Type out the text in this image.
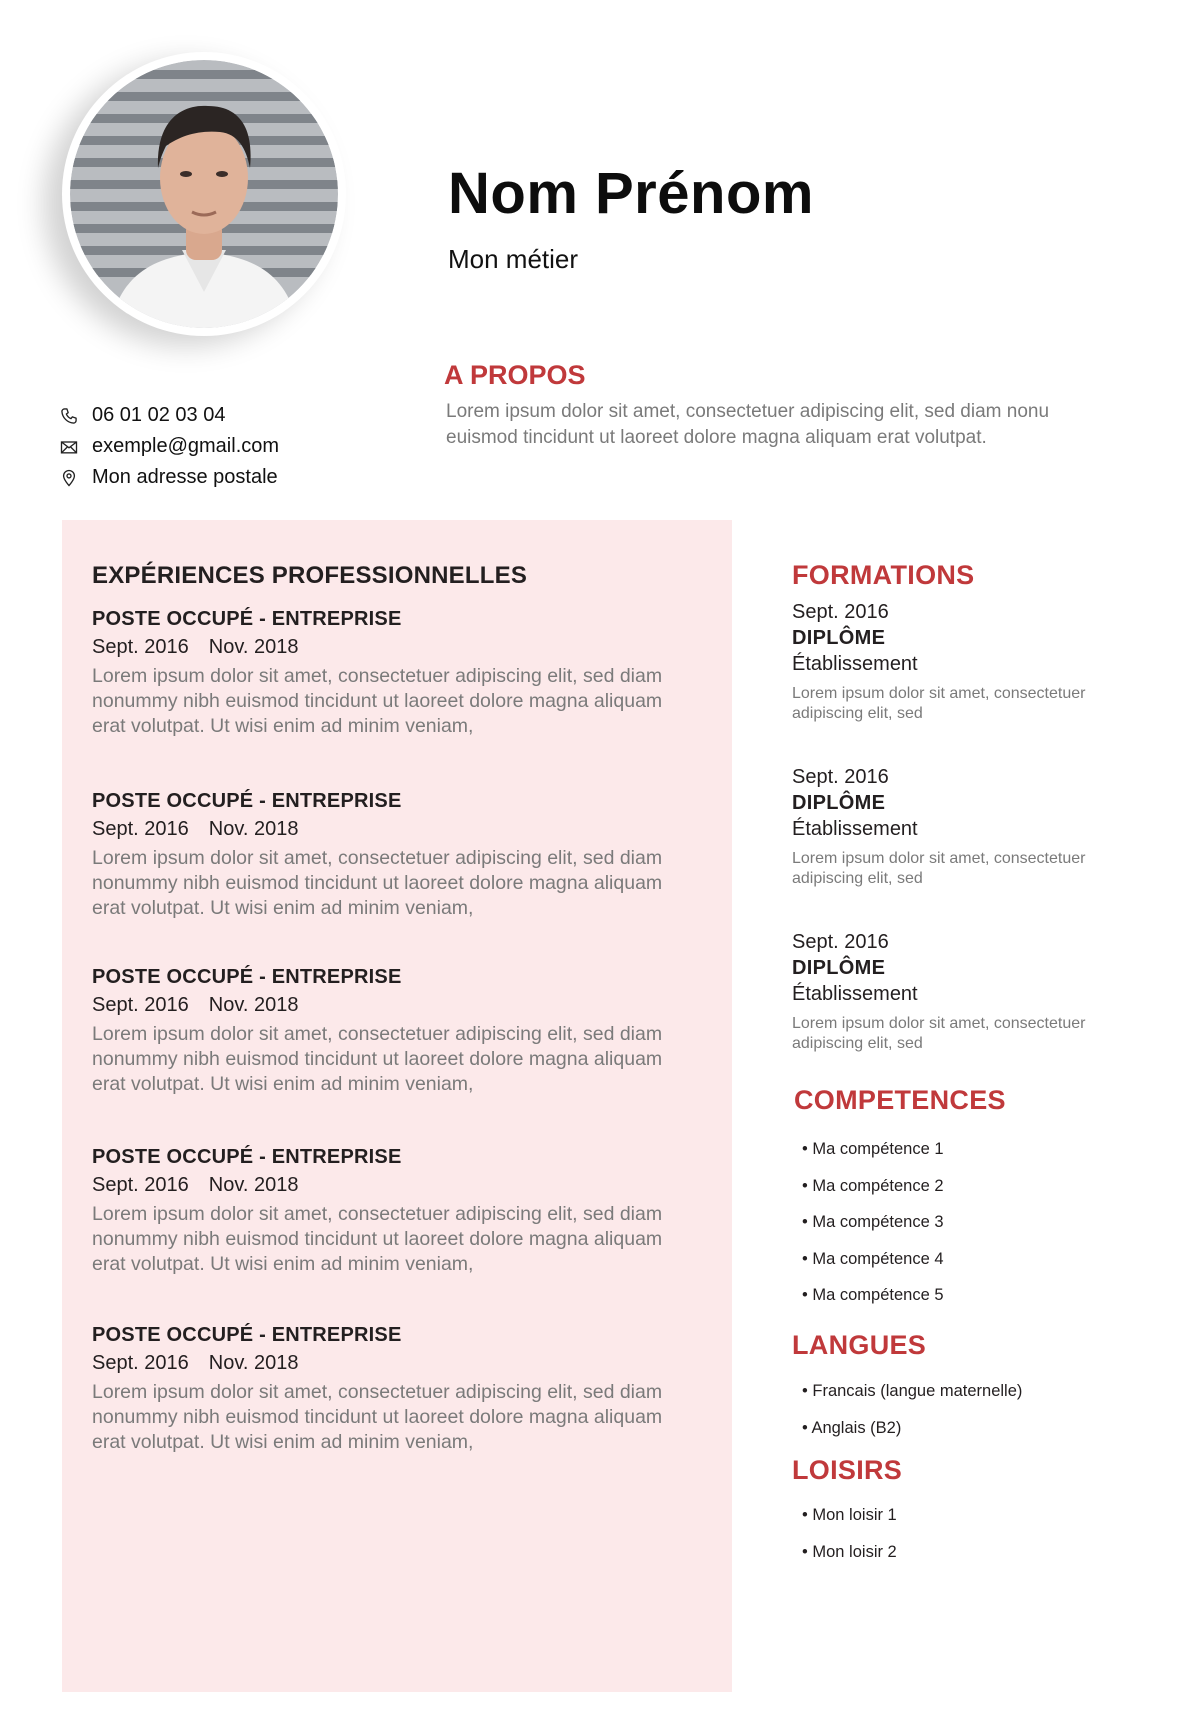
Nom Prénom
Mon métier
06 01 02 03 04
exemple@gmail.com
Mon adresse postale
A PROPOS
Lorem ipsum dolor sit amet, consectetuer adipiscing elit, sed diam nonu euismod tincidunt ut laoreet dolore magna aliquam erat volutpat.
EXPÉRIENCES PROFESSIONNELLES
POSTE OCCUPÉ - ENTREPRISE
Sept. 2016 Nov. 2018
Lorem ipsum dolor sit amet, consectetuer adipiscing elit, sed diam nonummy nibh euismod tincidunt ut laoreet dolore magna aliquam erat volutpat. Ut wisi enim ad minim veniam,
POSTE OCCUPÉ - ENTREPRISE
Sept. 2016 Nov. 2018
Lorem ipsum dolor sit amet, consectetuer adipiscing elit, sed diam nonummy nibh euismod tincidunt ut laoreet dolore magna aliquam erat volutpat. Ut wisi enim ad minim veniam,
POSTE OCCUPÉ - ENTREPRISE
Sept. 2016 Nov. 2018
Lorem ipsum dolor sit amet, consectetuer adipiscing elit, sed diam nonummy nibh euismod tincidunt ut laoreet dolore magna aliquam erat volutpat. Ut wisi enim ad minim veniam,
POSTE OCCUPÉ - ENTREPRISE
Sept. 2016 Nov. 2018
Lorem ipsum dolor sit amet, consectetuer adipiscing elit, sed diam nonummy nibh euismod tincidunt ut laoreet dolore magna aliquam erat volutpat. Ut wisi enim ad minim veniam,
POSTE OCCUPÉ - ENTREPRISE
Sept. 2016 Nov. 2018
Lorem ipsum dolor sit amet, consectetuer adipiscing elit, sed diam nonummy nibh euismod tincidunt ut laoreet dolore magna aliquam erat volutpat. Ut wisi enim ad minim veniam,
FORMATIONS
Sept. 2016
DIPLÔME
Établissement
Lorem ipsum dolor sit amet, consectetuer adipiscing elit, sed
Sept. 2016
DIPLÔME
Établissement
Lorem ipsum dolor sit amet, consectetuer adipiscing elit, sed
Sept. 2016
DIPLÔME
Établissement
Lorem ipsum dolor sit amet, consectetuer adipiscing elit, sed
COMPETENCES
• Ma compétence 1
• Ma compétence 2
• Ma compétence 3
• Ma compétence 4
• Ma compétence 5
LANGUES
• Francais (langue maternelle)
• Anglais (B2)
LOISIRS
• Mon loisir 1
• Mon loisir 2
